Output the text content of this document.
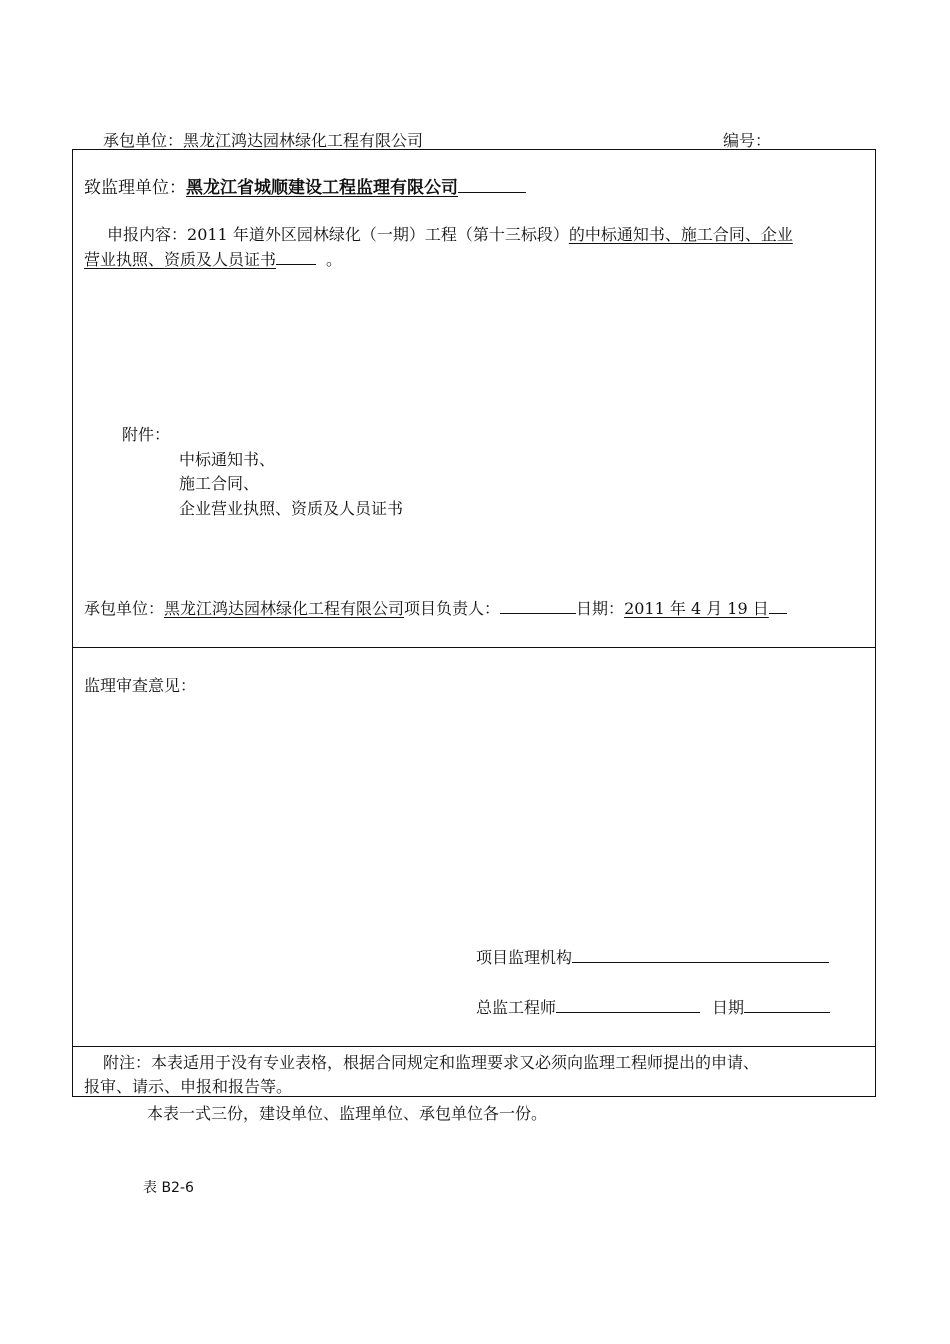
承包单位：黑龙江鸿达园林绿化工程有限公司	编号：
致监理单位：黑龙江省城顺建设工程监理有限公司
申报内容：2011 年道外区园林绿化（一期）工程（第十三标段）的中标通知书、施工合同、企业
营业执照、资质及人员证书	。
附件：
中标通知书、
施工合同、
企业营业执照、资质及人员证书
承包单位：黑龙江鸿达园林绿化工程有限公司项目负责人：	日期：2011 年 4 月 19 日
监理审查意见：
项目监理机构
总监工程师	日期
附注：本表适用于没有专业表格，根据合同规定和监理要求又必须向监理工程师提出的申请、
报审、请示、申报和报告等。
本表一式三份，建设单位、监理单位、承包单位各一份。
表 B2-6
